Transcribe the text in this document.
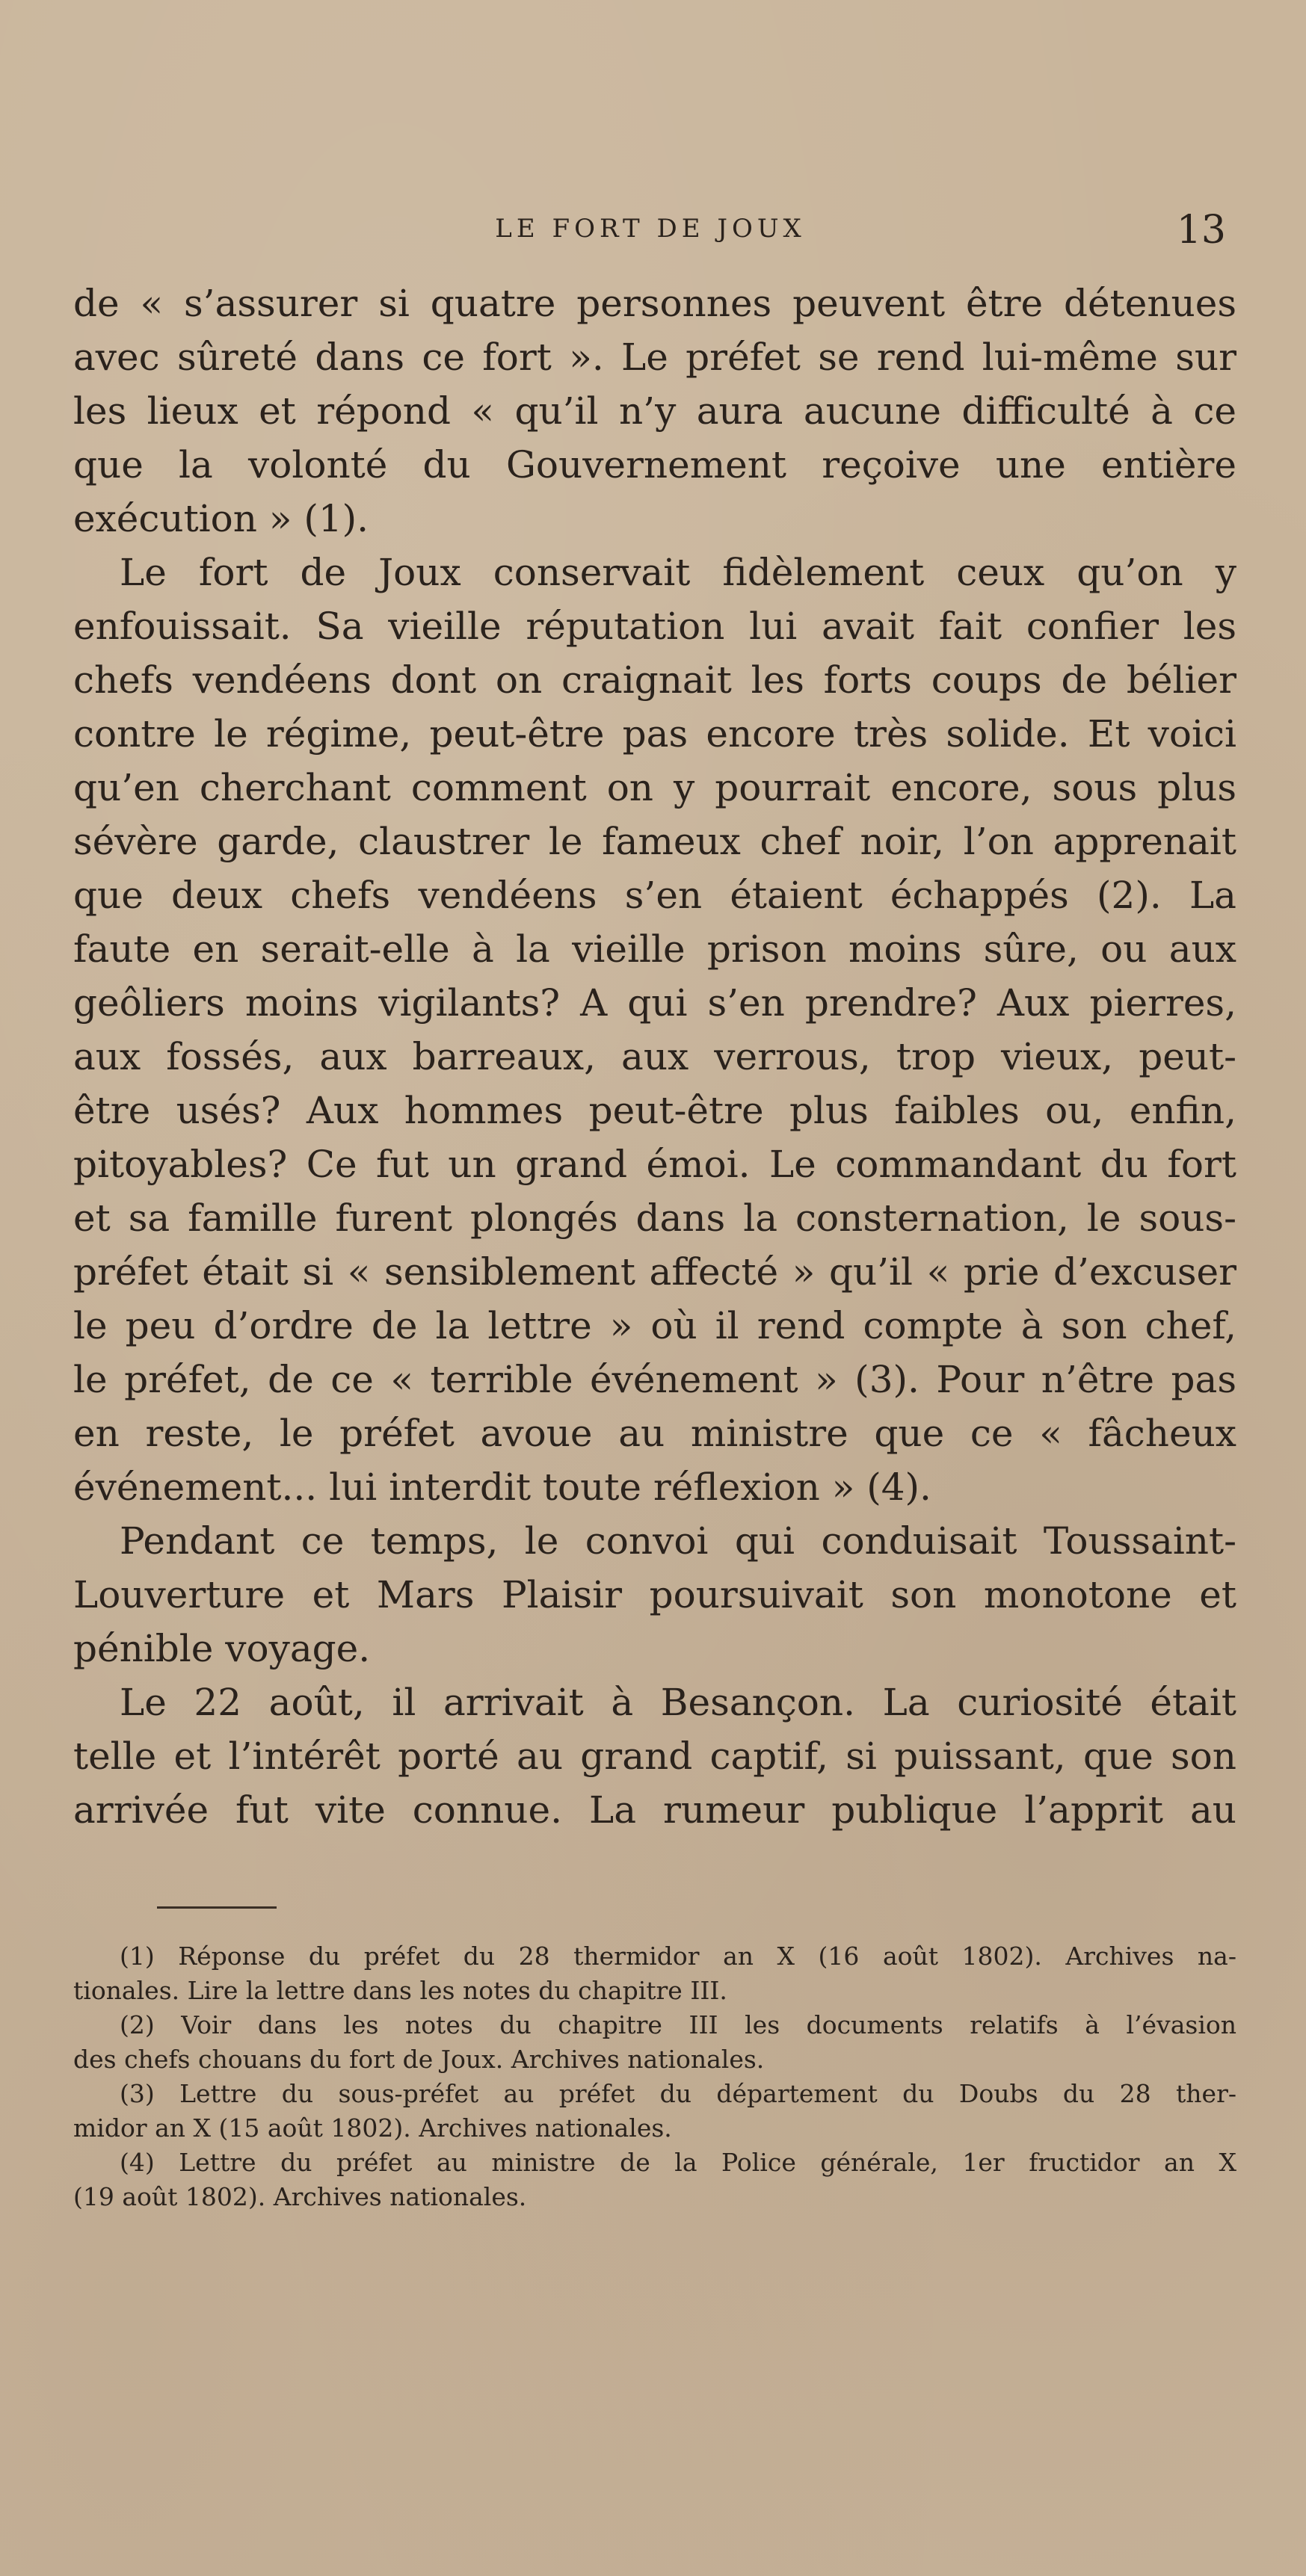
LE FORT DE JOUX	13
de « s’assurer si quatre personnes peuvent être détenues
avec sûreté dans ce fort ». Le préfet se rend lui-même sur
les lieux et répond « qu’il n’y aura aucune difficulté à ce
que la volonté du Gouvernement reçoive une entière
exécution » (1).
Le fort de Joux conservait fidèlement ceux qu’on y
enfouissait. Sa vieille réputation lui avait fait confier les
chefs vendéens dont on craignait les forts coups de bélier
contre le régime, peut-être pas encore très solide. Et voici
qu’en cherchant comment on y pourrait encore, sous plus
sévère garde, claustrer le fameux chef noir, l’on apprenait
que deux chefs vendéens s’en étaient échappés (2). La
faute en serait-elle à la vieille prison moins sûre, ou aux
geôliers moins vigilants? A qui s’en prendre? Aux pierres,
aux fossés, aux barreaux, aux verrous, trop vieux, peut-
être usés? Aux hommes peut-être plus faibles ou, enfin,
pitoyables? Ce fut un grand émoi. Le commandant du fort
et sa famille furent plongés dans la consternation, le sous-
préfet était si « sensiblement affecté » qu’il « prie d’excuser
le peu d’ordre de la lettre » où il rend compte à son chef,
le préfet, de ce « terrible événement » (3). Pour n’être pas
en reste, le préfet avoue au ministre que ce « fâcheux
événement... lui interdit toute réflexion » (4).
Pendant ce temps, le convoi qui conduisait Toussaint-
Louverture et Mars Plaisir poursuivait son monotone et
pénible voyage.
Le 22 août, il arrivait à Besançon. La curiosité était
telle et l’intérêt porté au grand captif, si puissant, que son
arrivée fut vite connue. La rumeur publique l’apprit au
(1) Réponse du préfet du 28 thermidor an X (16 août 1802). Archives na-
tionales. Lire la lettre dans les notes du chapitre III.
(2) Voir dans les notes du chapitre III les documents relatifs à l’évasion
des chefs chouans du fort de Joux. Archives nationales.
(3) Lettre du sous-préfet au préfet du département du Doubs du 28 ther-
midor an X (15 août 1802). Archives nationales.
(4) Lettre du préfet au ministre de la Police générale, 1er fructidor an X
(19 août 1802). Archives nationales.
